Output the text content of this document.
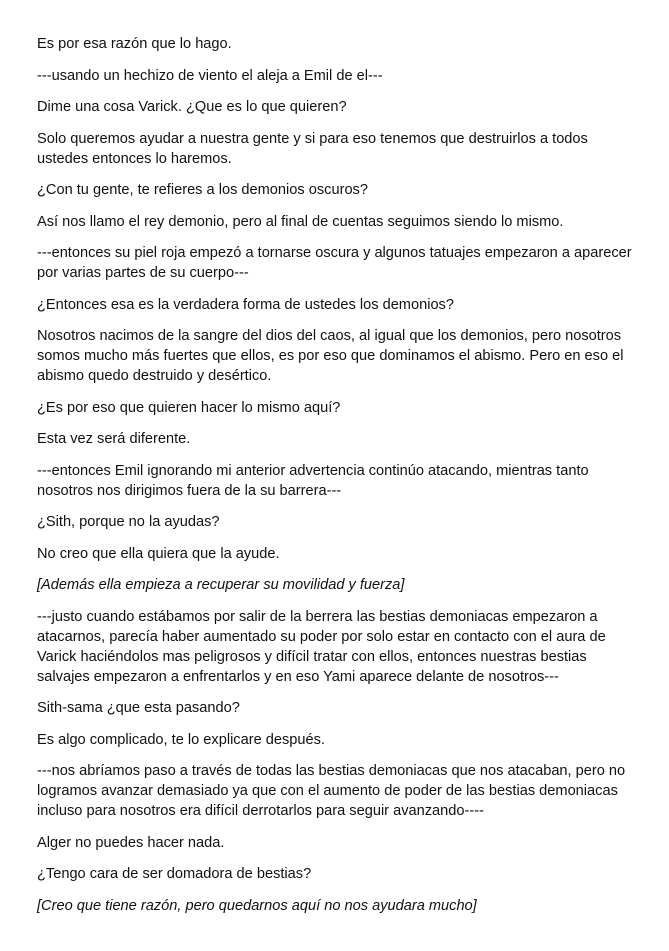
Es por esa razón que lo hago.

---usando un hechizo de viento el aleja a Emil de el---

Dime una cosa Varick. ¿Que es lo que quieren?

Solo queremos ayudar a nuestra gente y si para eso tenemos que destruirlos a todos ustedes entonces lo haremos.

¿Con tu gente, te refieres a los demonios oscuros?

Así nos llamo el rey demonio, pero al final de cuentas seguimos siendo lo mismo.

---entonces su piel roja empezó a tornarse oscura y algunos tatuajes empezaron a aparecer por varias partes de su cuerpo---

¿Entonces esa es la verdadera forma de ustedes los demonios?

Nosotros nacimos de la sangre del dios del caos, al igual que los demonios, pero nosotros somos mucho más fuertes que ellos, es por eso que dominamos el abismo. Pero en eso el abismo quedo destruido y desértico.

¿Es por eso que quieren hacer lo mismo aquí?

Esta vez será diferente.

---entonces Emil ignorando mi anterior advertencia continúo atacando, mientras tanto nosotros nos dirigimos fuera de la su barrera---

¿Sith, porque no la ayudas?

No creo que ella quiera que la ayude.

[Además ella empieza a recuperar su movilidad y fuerza]

---justo cuando estábamos por salir de la berrera las bestias demoniacas empezaron a atacarnos, parecía haber aumentado su poder por solo estar en contacto con el aura de Varick haciéndolos mas peligrosos y difícil tratar con ellos, entonces nuestras bestias salvajes empezaron a enfrentarlos y en eso Yami aparece delante de nosotros---

Sith-sama ¿que esta pasando?

Es algo complicado, te lo explicare después.

---nos abríamos paso a través de todas las bestias demoniacas que nos atacaban, pero no logramos avanzar demasiado ya que con el aumento de poder de las bestias demoniacas incluso para nosotros era difícil derrotarlos para seguir avanzando----

Alger no puedes hacer nada.

¿Tengo cara de ser domadora de bestias?

[Creo que tiene razón, pero quedarnos aquí no nos ayudara mucho]
